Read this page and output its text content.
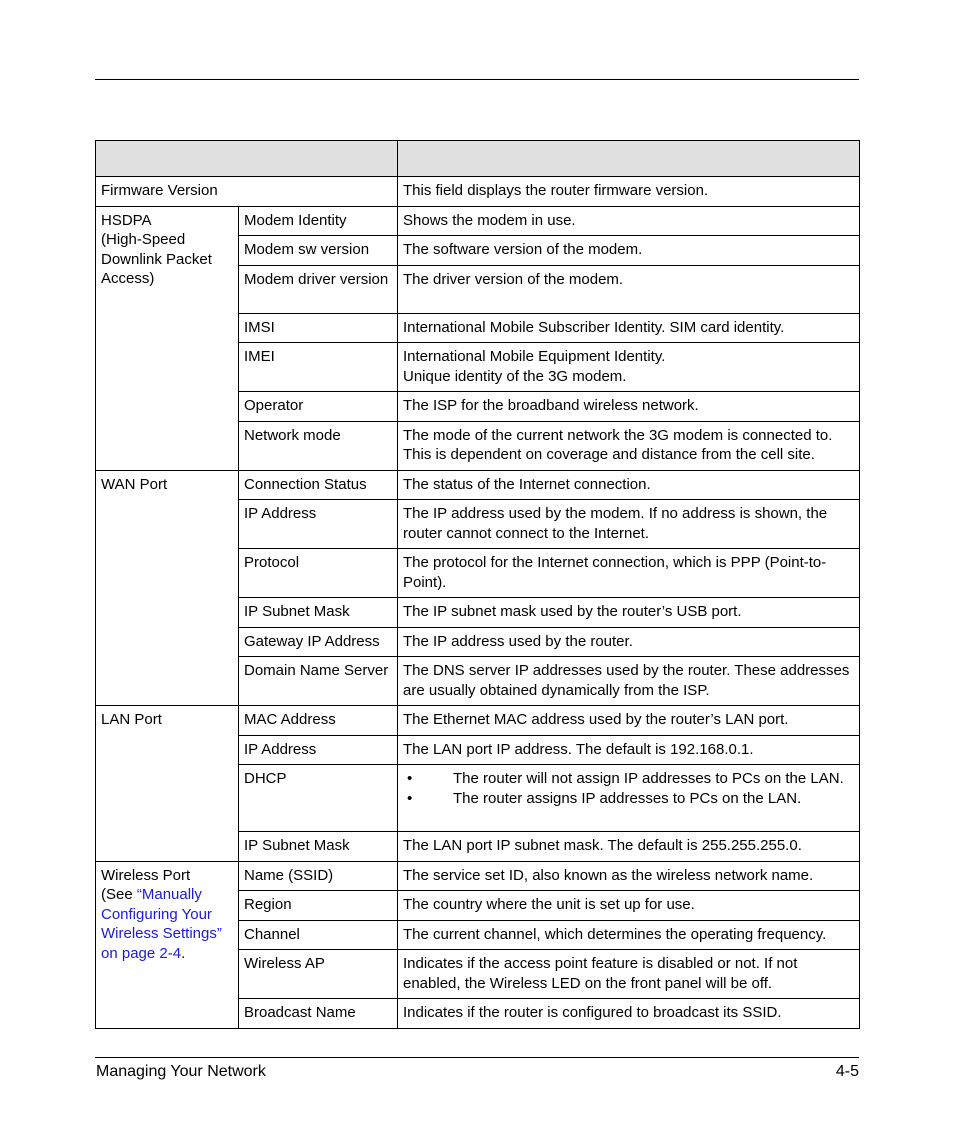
Firmware Version		This field displays the router firmware version.
HSDPA
(High-Speed Downlink Packet Access)	Modem Identity	Shows the modem in use.
	Modem sw version	The software version of the modem.
	Modem driver version	The driver version of the modem.
	IMSI	International Mobile Subscriber Identity. SIM card identity.
	IMEI	International Mobile Equipment Identity.
Unique identity of the 3G modem.
	Operator	The ISP for the broadband wireless network.
	Network mode	The mode of the current network the 3G modem is connected to. This is dependent on coverage and distance from the cell site.
WAN Port	Connection Status	The status of the Internet connection.
	IP Address	The IP address used by the modem. If no address is shown, the router cannot connect to the Internet.
	Protocol	The protocol for the Internet connection, which is PPP (Point-to-Point).
	IP Subnet Mask	The IP subnet mask used by the router’s USB port.
	Gateway IP Address	The IP address used by the router.
	Domain Name Server	The DNS server IP addresses used by the router. These addresses are usually obtained dynamically from the ISP.
LAN Port	MAC Address	The Ethernet MAC address used by the router’s LAN port.
	IP Address	The LAN port IP address. The default is 192.168.0.1.
	DHCP	• The router will not assign IP addresses to PCs on the LAN.
• The router assigns IP addresses to PCs on the LAN.

	IP Subnet Mask	The LAN port IP subnet mask. The default is 255.255.255.0.
Wireless Port
(See “Manually Configuring Your Wireless Settings” on page 2-4.	Name (SSID)	The service set ID, also known as the wireless network name.
	Region	The country where the unit is set up for use.
	Channel	The current channel, which determines the operating frequency.
	Wireless AP	Indicates if the access point feature is disabled or not. If not enabled, the Wireless LED on the front panel will be off.
	Broadcast Name	Indicates if the router is configured to broadcast its SSID.
Managing Your Network	4-5
